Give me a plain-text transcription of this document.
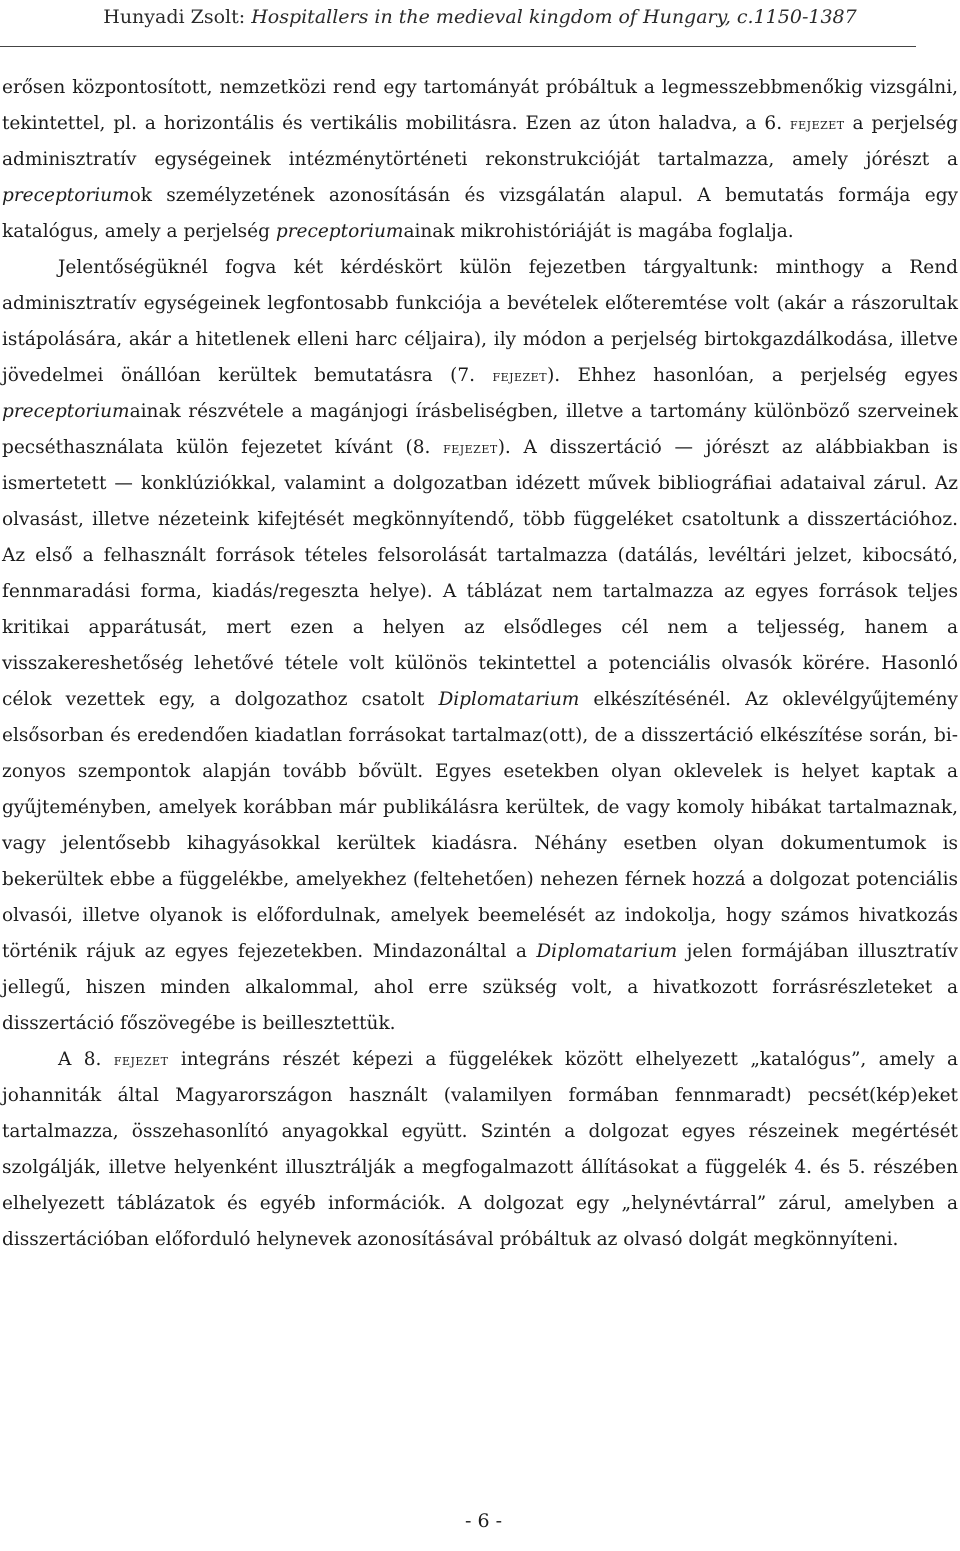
Hunyadi Zsolt: Hospitallers in the medieval kingdom of Hungary, c.1150-1387

erősen központosított, nemzetközi rend egy tartományát próbáltuk a legmesszebbmenőkig vizsgálni, tekintettel, pl. a horizontális és vertikális mobilitásra. Ezen az úton haladva, a 6. fejezet a perjelség adminisztratív egységeinek intézménytörténeti rekonstrukcióját tartalmazza, amely jórészt a preceptoriumok személyzetének azonosításán és vizsgálatán alapul. A bemutatás formája egy katalógus, amely a perjelség preceptoriumainak mikrohistóriáját is magába foglalja.

Jelentőségüknél fogva két kérdéskört külön fejezetben tárgyaltunk: minthogy a Rend adminisztratív egységeinek legfontosabb funkciója a bevételek előteremtése volt (akár a rászorultak istápolására, akár a hitetlenek elleni harc céljaira), ily módon a perjelség birtokgazdálkodása, illetve jövedelmei önállóan kerültek bemutatásra (7. fejezet). Ehhez hasonlóan, a perjelség egyes preceptoriumainak részvétele a magánjogi írásbeliségben, illetve a tartomány különböző szerveinek pecséthasználata külön fejezetet kívánt (8. fejezet). A disszertáció — jórészt az alábbiakban is ismertetett — konklúziókkal, valamint a dolgozatban idézett művek bibliográfiai adataival zárul. Az olvasást, illetve nézeteink kifejtését megkönnyítendő, több függeléket csatoltunk a disszertációhoz. Az első a felhasznált források tételes felsorolását tartalmazza (datálás, levéltári jelzet, kibocsátó, fennmaradási forma, kiadás/regeszta helye). A táblázat nem tartalmazza az egyes források teljes kritikai apparátusát, mert ezen a helyen az elsődleges cél nem a teljesség, hanem a visszakereshetőség lehetővé tétele volt különös tekintettel a potenciális olvasók körére. Hasonló célok vezettek egy, a dolgozathoz csatolt Diplomatarium elkészítésénél. Az oklevélgyűjtemény elsősorban és eredendően kiadatlan forrásokat tartalmaz(ott), de a disszertáció elkészítése során, bizonyos szempontok alapján tovább bővült. Egyes esetekben olyan oklevelek is helyet kaptak a gyűjteményben, amelyek korábban már publikálásra kerültek, de vagy komoly hibákat tartalmaznak, vagy jelentősebb kihagyásokkal kerültek kiadásra. Néhány esetben olyan dokumentumok is bekerültek ebbe a függelékbe, amelyekhez (feltehetően) nehezen férnek hozzá a dolgozat potenciális olvasói, illetve olyanok is előfordulnak, amelyek beemelését az indokolja, hogy számos hivatkozás történik rájuk az egyes fejezetekben. Mindazonáltal a Diplomatarium jelen formájában illusztratív jellegű, hiszen minden alkalommal, ahol erre szükség volt, a hivatkozott forrásrészleteket a disszertáció főszövegébe is beillesztettük.

A 8. fejezet integráns részét képezi a függelékek között elhelyezett „katalógus”, amely a johanniták által Magyarországon használt (valamilyen formában fennmaradt) pecsét(kép)eket tartalmazza, összehasonlító anyagokkal együtt. Szintén a dolgozat egyes részeinek megértését szolgálják, illetve helyenként illusztrálják a megfogalmazott állításokat a függelék 4. és 5. részében elhelyezett táblázatok és egyéb információk. A dolgozat egy „helynévtárral” zárul, amelyben a disszertációban előforduló helynevek azonosításával próbáltuk az olvasó dolgát megkönnyíteni.

- 6 -
